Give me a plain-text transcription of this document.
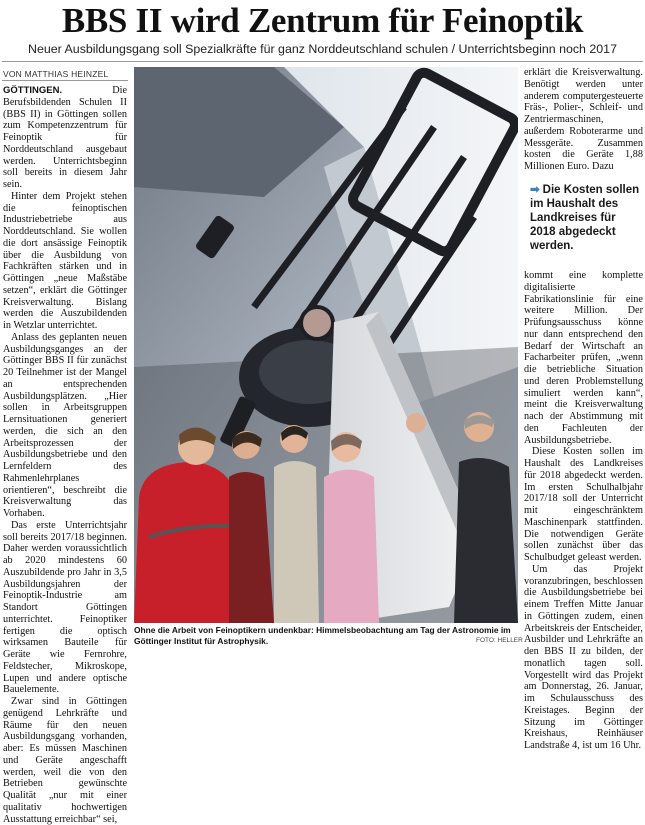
BBS II wird Zentrum für Feinoptik

Neuer Ausbildungsgang soll Spezialkräfte für ganz Norddeutschland schulen / Unterrichtsbeginn noch 2017

VON MATTHIAS HEINZEL

GÖTTINGEN. Die Berufsbildenden Schulen II (BBS II) in Göttingen sollen zum Kompetenzzentrum für Feinoptik für Norddeutschland ausgebaut werden. Unterrichtsbeginn soll bereits in diesem Jahr sein.

Hinter dem Projekt stehen die feinoptischen Industriebetriebe aus Norddeutschland. Sie wollen die dort ansässige Feinoptik über die Ausbildung von Fachkräften stärken und in Göttingen „neue Maßstäbe setzen“, erklärt die Göttinger Kreisverwaltung. Bislang werden die Auszubildenden in Wetzlar unterrichtet.

Anlass des geplanten neuen Ausbildungsganges an der Göttinger BBS II für zunächst 20 Teilnehmer ist der Mangel an entsprechenden Ausbildungsplätzen. „Hier sollen in Arbeitsgruppen Lernsituationen generiert werden, die sich an den Arbeitsprozessen der Ausbildungsbetriebe und den Lernfeldern des Rahmenlehrplanes orientieren“, beschreibt die Kreisverwaltung das Vorhaben.

Das erste Unterrichtsjahr soll bereits 2017/18 beginnen. Daher werden voraussichtlich ab 2020 mindestens 60 Auszubildende pro Jahr in 3,5 Ausbildungsjahren der Feinoptik-Industrie am Standort Göttingen unterrichtet. Feinoptiker fertigen die optisch wirksamen Bauteile für Geräte wie Fernrohre, Feldstecher, Mikroskope, Lupen und andere optische Bauelemente.

Zwar sind in Göttingen genügend Lehrkräfte und Räume für den neuen Ausbildungsgang vorhanden, aber: Es müssen Maschinen und Geräte angeschafft werden, weil die von den Betrieben gewünschte Qualität „nur mit einer qualitativ hochwertigen Ausstattung erreichbar“ sei,

Ohne die Arbeit von Feinoptikern undenkbar: Himmelsbeobachtung am Tag der Astronomie im Göttinger Institut für Astrophysik.	FOTO: HELLER

erklärt die Kreisverwaltung. Benötigt werden unter anderem computergesteuerte Fräs-, Polier-, Schleif- und Zentriermaschinen, außerdem Roboterarme und Messgeräte. Zusammen kosten die Geräte 1,88 Millionen Euro. Dazu

➡ Die Kosten sollen im Haushalt des Landkreises für 2018 abgedeckt werden.

kommt eine komplette digitalisierte Fabrikationslinie für eine weitere Million. Der Prüfungsausschuss könne nur dann entsprechend den Bedarf der Wirtschaft an Facharbeiter prüfen, „wenn die betriebliche Situation und deren Problemstellung simuliert werden kann“, meint die Kreisverwaltung nach der Abstimmung mit den Fachleuten der Ausbildungsbetriebe.

Diese Kosten sollen im Haushalt des Landkreises für 2018 abgedeckt werden. Im ersten Schulhalbjahr 2017/18 soll der Unterricht mit eingeschränktem Maschinenpark stattfinden. Die notwendigen Geräte sollen zunächst über das Schulbudget geleast werden.

Um das Projekt voranzubringen, beschlossen die Ausbildungsbetriebe bei einem Treffen Mitte Januar in Göttingen zudem, einen Arbeitskreis der Entscheider, Ausbilder und Lehrkräfte an den BBS II zu bilden, der monatlich tagen soll. Vorgestellt wird das Projekt am Donnerstag, 26. Januar, im Schulausschuss des Kreistages. Beginn der Sitzung im Göttinger Kreishaus, Reinhäuser Landstraße 4, ist um 16 Uhr.
